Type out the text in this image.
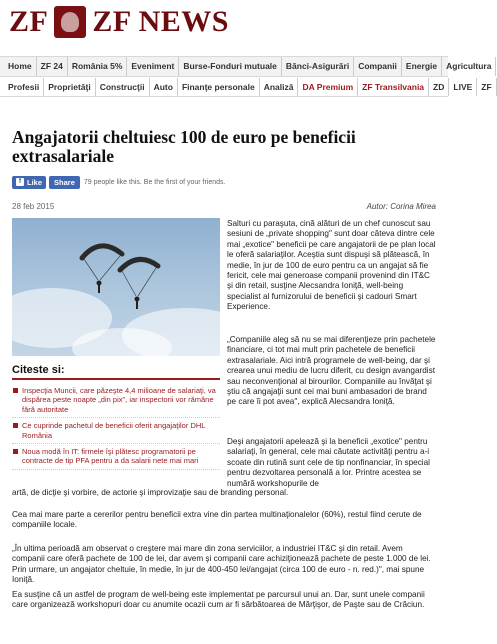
ZF ZF NEWS
Home ZF 24 România 5% Eveniment Burse-Fonduri mutuale Bănci-Asigurări Companii Energie Agricultura
Profesii Proprietăţi Construcţii Auto Finanţe personale Analiză DA Premium ZF Transilvania ZD LIVE ZF
Angajatorii cheltuiesc 100 de euro pe beneficii extrasalariale
f Like	Share	79 people like this. Be the first of your friends.
28 feb 2015	Autor: Corina Mirea
Citeste si:
Inspecţia Muncii, care păzeşte 4,4 milioane de salariaţi, va dispărea peste noapte „din pix", iar inspectorii vor rămâne fără autoritate
Ce cuprinde pachetul de beneficii oferit angajaţilor DHL România
Noua modă în IT: firmele îşi plătesc programatorii pe contracte de tip PFA pentru a da salarii nete mai mari

Salturi cu paraşuta, cină alături de un chef cunoscut sau sesiuni de „private shopping" sunt doar câteva dintre cele mai „exotice" beneficii pe care angajatorii de pe plan local le oferă salariaţilor. Aceştia sunt dispuşi să plătească, în medie, în jur de 100 de euro pentru ca un angajat să fie fericit, cele mai generoase companii provenind din IT&C şi din retail, susţine Alecsandra Ioniţă, well-being specialist al furnizorului de beneficii şi cadouri Smart Experience.

„Companiile aleg să nu se mai diferenţieze prin pachetele financiare, ci tot mai mult prin pachetele de beneficii extrasalariale. Aici intră programele de well-being, dar şi crearea unui mediu de lucru diferit, cu design avangardist sau neconvenţional al birourilor. Companiile au învăţat şi ştiu că angajaţii sunt cei mai buni ambasadori de brand pe care îi pot avea", explică Alecsandra Ioniţă.

Deşi angajatorii apelează şi la beneficii „exotice" pentru salariaţi, în general, cele mai căutate activităţi pentru a-i scoate din rutină sunt cele de tip nonfinanciar, în special pentru dezvoltarea personală a lor. Printre acestea se numără workshopurile de

artă, de dicţie şi vorbire, de actorie şi improvizaţie sau de branding personal.

Cea mai mare parte a cererilor pentru beneficii extra vine din partea multinaţionalelor (60%), restul fiind cerute de companiile locale.

„În ultima perioadă am observat o creştere mai mare din zona serviciilor, a industriei IT&C şi din retail. Avem companii care oferă pachete de 100 de lei, dar avem şi companii care achiziţionează pachete de peste 1.000 de lei. Prin urmare, un angajator cheltuie, în medie, în jur de 400-450 lei/angajat (circa 100 de euro - n. red.)", mai spune Ioniţă.

Ea susţine că un astfel de program de well-being este implementat pe parcursul unui an. Dar, sunt unele companii care organizează workshopuri doar cu anumite ocazii cum ar fi sărbătoarea de Mărţişor, de Paşte sau de Crăciun.
